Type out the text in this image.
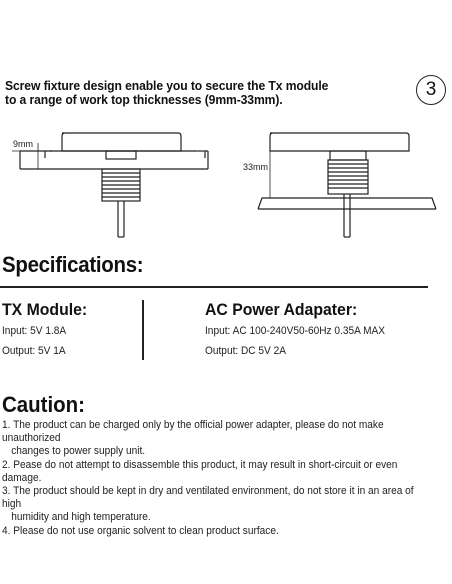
Screw fixture design enable you to secure the Tx module
to a range of work top thicknesses (9mm-33mm).	3
9mm
33mm
Specifications:
TX Module:
Input: 5V 1.8A
Output: 5V 1A
AC Power Adapater:
Input: AC 100-240V50-60Hz 0.35A MAX
Output: DC 5V 2A
Caution:
1. The product can be charged only by the official power adapter, please do not make unauthorized
changes to power supply unit.
2. Pease do not attempt to disassemble this product, it may result in short-circuit or even damage.
3. The product should be kept in dry and ventilated environment, do not store it in an area of high
humidity and high temperature.
4. Please do not use organic solvent to clean product surface.
